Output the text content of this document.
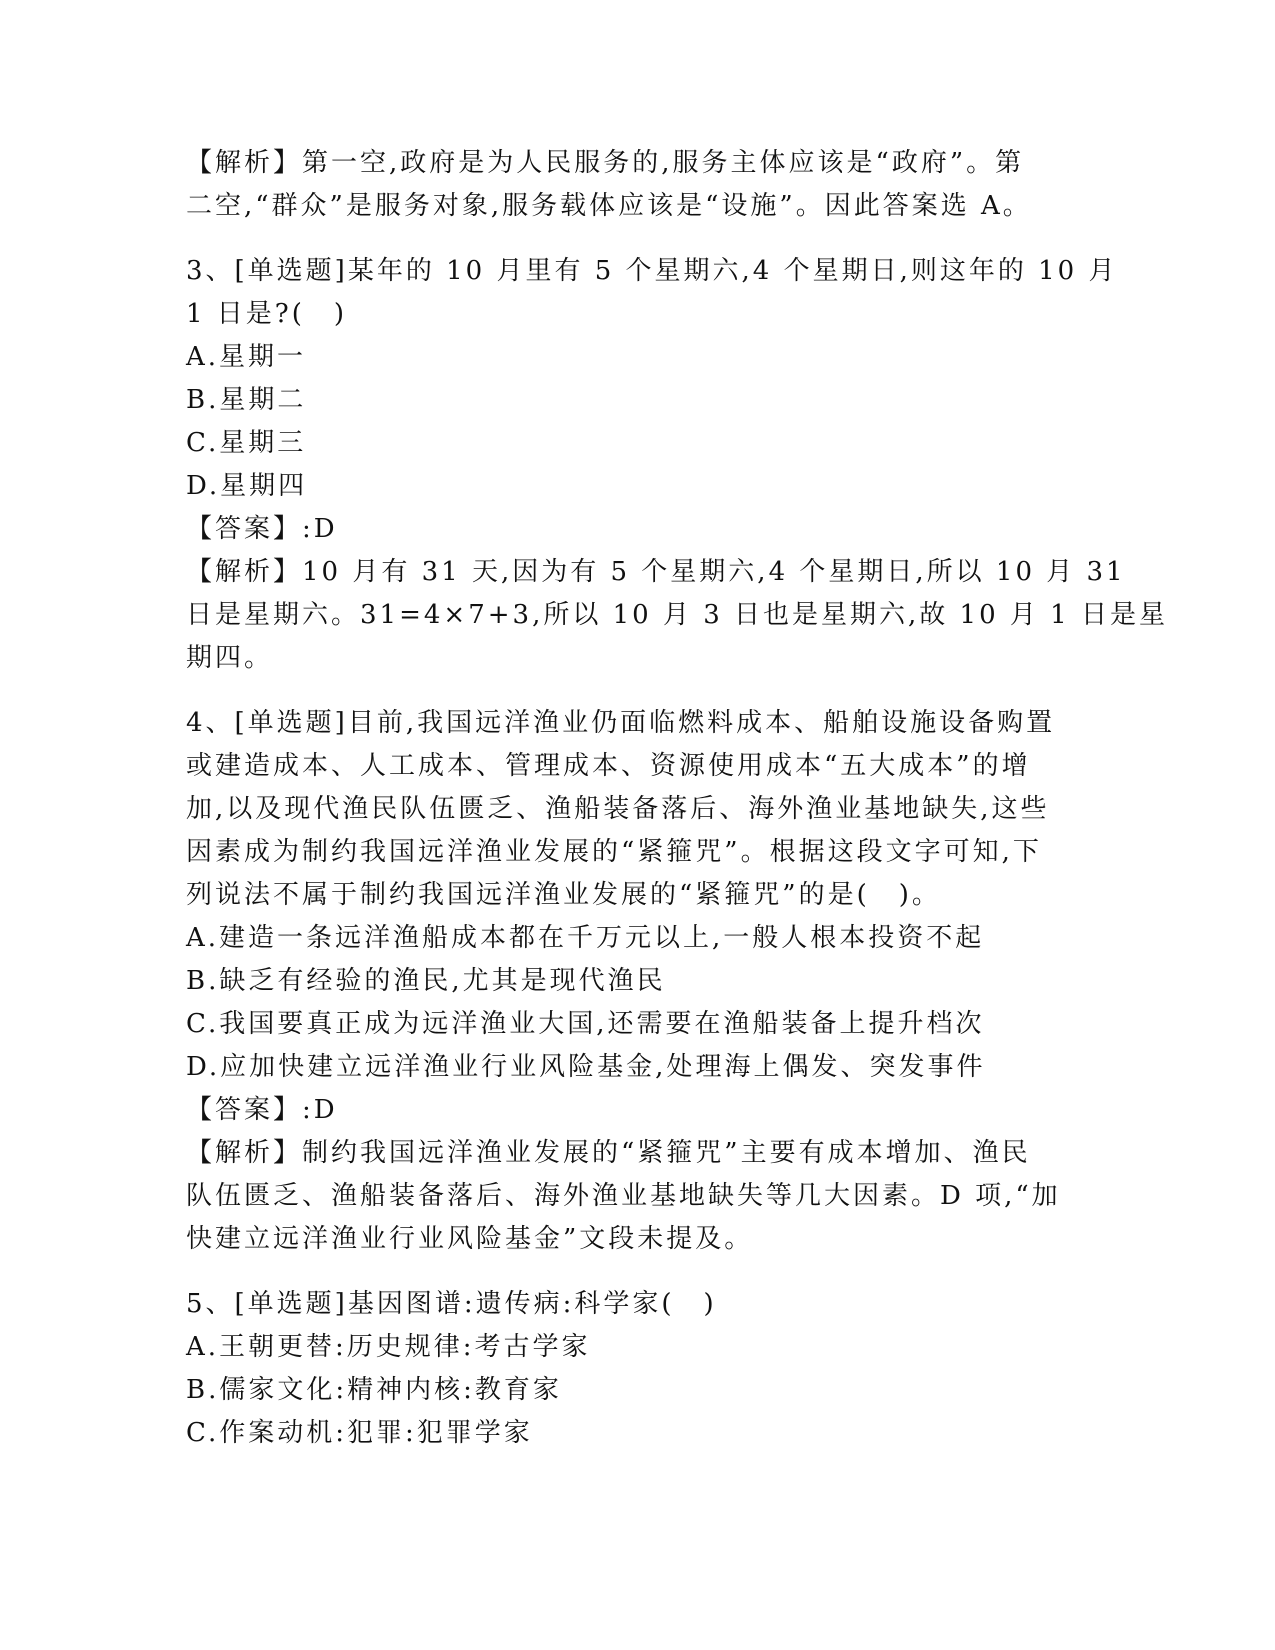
【解析】第一空,政府是为人民服务的,服务主体应该是“政府”。第
二空,“群众”是服务对象,服务载体应该是“设施”。因此答案选 A。
3、[单选题]某年的 10 月里有 5 个星期六,4 个星期日,则这年的 10 月
1 日是?(　)
A.星期一
B.星期二
C.星期三
D.星期四
【答案】:D
【解析】10 月有 31 天,因为有 5 个星期六,4 个星期日,所以 10 月 31
日是星期六。31=4×7+3,所以 10 月 3 日也是星期六,故 10 月 1 日是星
期四。
4、[单选题]目前,我国远洋渔业仍面临燃料成本、船舶设施设备购置
或建造成本、人工成本、管理成本、资源使用成本“五大成本”的增
加,以及现代渔民队伍匮乏、渔船装备落后、海外渔业基地缺失,这些
因素成为制约我国远洋渔业发展的“紧箍咒”。根据这段文字可知,下
列说法不属于制约我国远洋渔业发展的“紧箍咒”的是(　)。
A.建造一条远洋渔船成本都在千万元以上,一般人根本投资不起
B.缺乏有经验的渔民,尤其是现代渔民
C.我国要真正成为远洋渔业大国,还需要在渔船装备上提升档次
D.应加快建立远洋渔业行业风险基金,处理海上偶发、突发事件
【答案】:D
【解析】制约我国远洋渔业发展的“紧箍咒”主要有成本增加、渔民
队伍匮乏、渔船装备落后、海外渔业基地缺失等几大因素。D 项,“加
快建立远洋渔业行业风险基金”文段未提及。
5、[单选题]基因图谱:遗传病:科学家(　)
A.王朝更替:历史规律:考古学家
B.儒家文化:精神内核:教育家
C.作案动机:犯罪:犯罪学家
